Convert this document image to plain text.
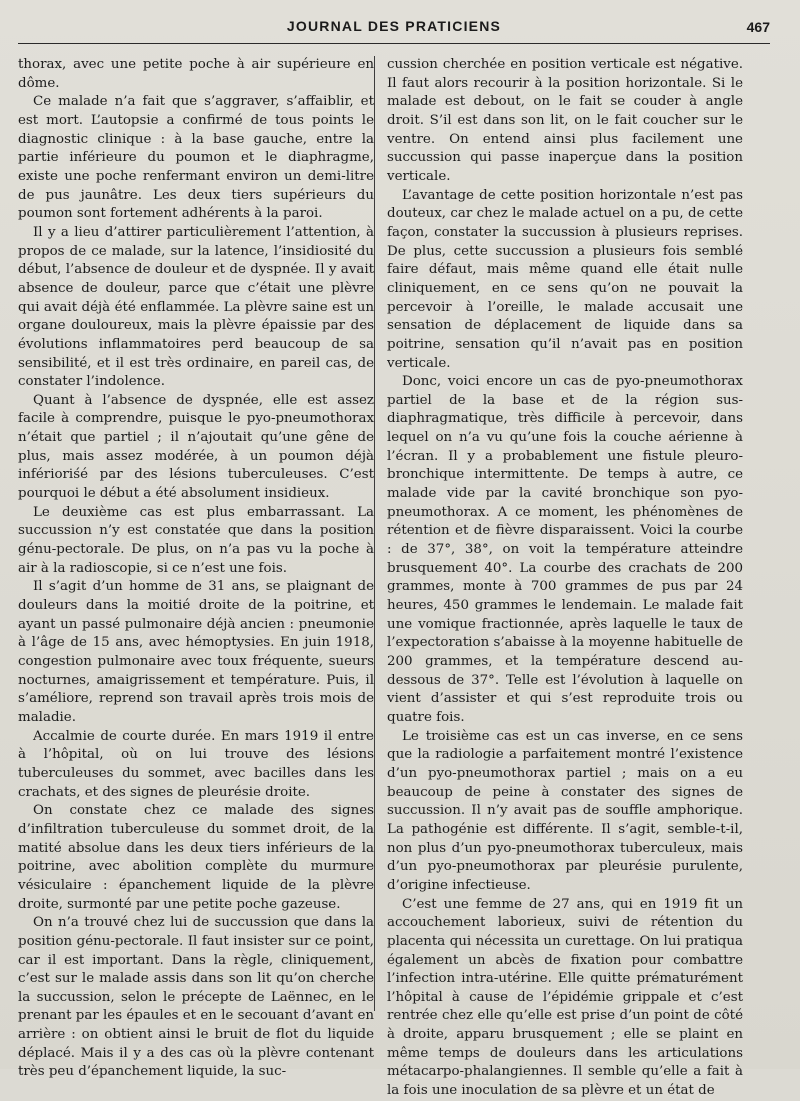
JOURNAL DES PRATICIENS	467

thorax, avec une petite poche à air supérieure en dôme.

Ce malade n’a fait que s’aggraver, s’affaiblir, et est mort. L’autopsie a confirmé de tous points le diagnostic clinique : à la base gauche, entre la partie inférieure du poumon et le diaphragme, existe une poche renfermant environ un demi-litre de pus jaunâtre. Les deux tiers supérieurs du poumon sont fortement adhérents à la paroi.

Il y a lieu d’attirer particulièrement l’attention, à propos de ce malade, sur la latence, l’insidiosité du début, l’absence de douleur et de dyspnée. Il y avait absence de douleur, parce que c’était une plèvre qui avait déjà été enflammée. La plèvre saine est un organe douloureux, mais la plèvre épaissie par des évolutions inflammatoires perd beaucoup de sa sensibilité, et il est très ordinaire, en pareil cas, de constater l’indolence.

Quant à l’absence de dyspnée, elle est assez facile à comprendre, puisque le pyo-pneumothorax n’était que partiel ; il n’ajoutait qu’une gêne de plus, mais assez modérée, à un poumon déjà inférioriśé par des lésions tuberculeuses. C’est pourquoi le début a été absolument insidieux.

Le deuxième cas est plus embarrassant. La succussion n’y est constatée que dans la position génu-pectorale. De plus, on n’a pas vu la poche à air à la radioscopie, si ce n’est une fois.

Il s’agit d’un homme de 31 ans, se plaignant de douleurs dans la moitié droite de la poitrine, et ayant un passé pulmonaire déjà ancien : pneumonie à l’âge de 15 ans, avec hémoptysies. En juin 1918, congestion pulmonaire avec toux fréquente, sueurs nocturnes, amaigrissement et température. Puis, il s’améliore, reprend son travail après trois mois de maladie.

Accalmie de courte durée. En mars 1919 il entre à l’hôpital, où on lui trouve des lésions tuberculeuses du sommet, avec bacilles dans les crachats, et des signes de pleurésie droite.

On constate chez ce malade des signes d’infiltration tuberculeuse du sommet droit, de la matité absolue dans les deux tiers inférieurs de la poitrine, avec abolition complète du murmure vésiculaire : épanchement liquide de la plèvre droite, surmonté par une petite poche gazeuse.

On n’a trouvé chez lui de succussion que dans la position génu-pectorale. Il faut insister sur ce point, car il est important. Dans la règle, cliniquement, c’est sur le malade assis dans son lit qu’on cherche la succussion, selon le précepte de Laënnec, en le prenant par les épaules et en le secouant d’avant en arrière : on obtient ainsi le bruit de flot du liquide déplacé. Mais il y a des cas où la plèvre contenant très peu d’épanchement liquide, la suc-

cussion cherchée en position verticale est négative. Il faut alors recourir à la position horizontale. Si le malade est debout, on le fait se couder à angle droit. S’il est dans son lit, on le fait coucher sur le ventre. On entend ainsi plus facilement une succussion qui passe inaperçue dans la position verticale.

L’avantage de cette position horizontale n’est pas douteux, car chez le malade actuel on a pu, de cette façon, constater la succussion à plusieurs reprises. De plus, cette succussion a plusieurs fois semblé faire défaut, mais même quand elle était nulle cliniquement, en ce sens qu’on ne pouvait la percevoir à l’oreille, le malade accusait une sensation de déplacement de liquide dans sa poitrine, sensation qu’il n’avait pas en position verticale.

Donc, voici encore un cas de pyo-pneumothorax partiel de la base et de la région sus-diaphragmatique, très difficile à percevoir, dans lequel on n’a vu qu’une fois la couche aérienne à l’écran. Il y a probablement une fistule pleuro-bronchique intermittente. De temps à autre, ce malade vide par la cavité bronchique son pyo-pneumothorax. A ce moment, les phénomènes de rétention et de fièvre disparaissent. Voici la courbe : de 37°, 38°, on voit la température atteindre brusquement 40°. La courbe des crachats de 200 grammes, monte à 700 grammes de pus par 24 heures, 450 grammes le lendemain. Le malade fait une vomique fractionnée, après laquelle le taux de l’expectoration s’abaisse à la moyenne habituelle de 200 grammes, et la température descend au-dessous de 37°. Telle est l’évolution à laquelle on vient d’assister et qui s’est reproduite trois ou quatre fois.

Le troisième cas est un cas inverse, en ce sens que la radiologie a parfaitement montré l’existence d’un pyo-pneumothorax partiel ; mais on a eu beaucoup de peine à constater des signes de succussion. Il n’y avait pas de souffle amphorique. La pathogénie est différente. Il s’agit, semble-t-il, non plus d’un pyo-pneumothorax tuberculeux, mais d’un pyo-pneumothorax par pleurésie purulente, d’origine infectieuse.

C’est une femme de 27 ans, qui en 1919 fit un accouchement laborieux, suivi de rétention du placenta qui nécessita un curettage. On lui pratiqua également un abcès de fixation pour combattre l’infection intra-utérine. Elle quitte prématurément l’hôpital à cause de l’épidémie grippale et c’est rentrée chez elle qu’elle est prise d’un point de côté à droite, apparu brusquement ; elle se plaint en même temps de douleurs dans les articulations métacarpo-phalangiennes. Il semble qu’elle a fait à la fois une inoculation de sa plèvre et un état de
